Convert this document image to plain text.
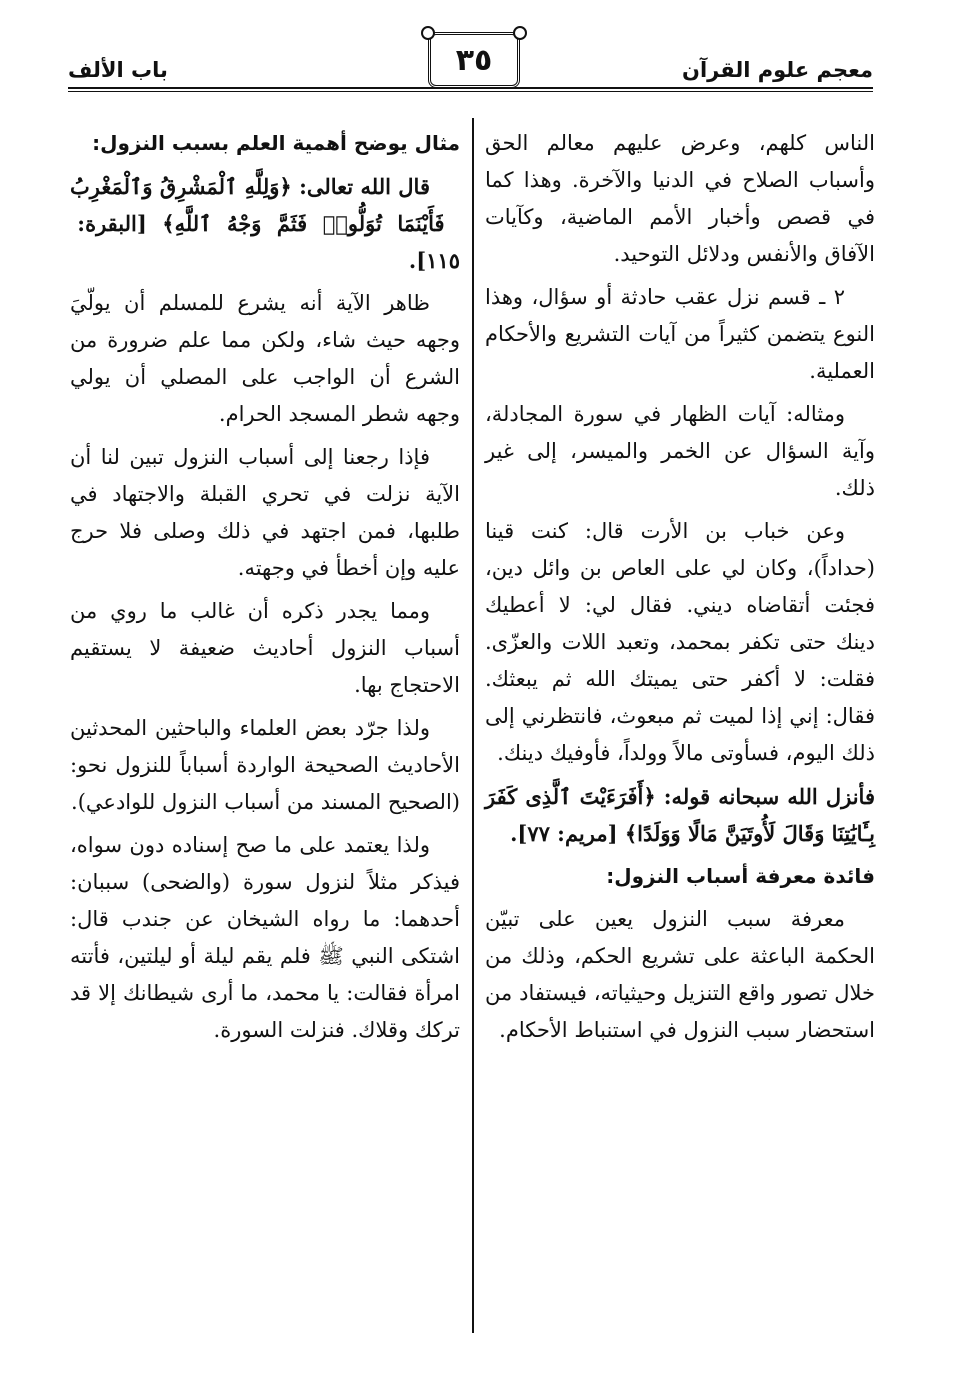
معجم علوم القرآن
٣٥
باب الألف

الناس كلهم، وعرض عليهم معالم الحق وأسباب الصلاح في الدنيا والآخرة. وهذا كما في قصص وأخبار الأمم الماضية، وكآيات الآفاق والأنفس ودلائل التوحيد.

٢ ـ قسم نزل عقب حادثة أو سؤال، وهذا النوع يتضمن كثيراً من آيات التشريع والأحكام العملية.

ومثاله: آيات الظهار في سورة المجادلة، وآية السؤال عن الخمر والميسر، إلى غير ذلك.

وعن خباب بن الأرت قال: كنت قينا (حداداً)، وكان لي على العاص بن وائل دين، فجئت أتقاضاه ديني. فقال لي: لا أعطيك دينك حتى تكفر بمحمد، وتعبد اللات والعزّى. فقلت: لا أكفر حتى يميتك الله ثم يبعثك. فقال: إني إذا لميت ثم مبعوث، فانتظرني إلى ذلك اليوم، فسأوتى مالاً وولداً، فأوفيك دينك.

فأنزل الله سبحانه قوله: ﴿أَفَرَءَيْتَ ٱلَّذِى كَفَرَ بِـَٔايَٰتِنَا وَقَالَ لَأُوتَيَنَّ مَالًا وَوَلَدًا﴾ [مريم: ٧٧].

فائدة معرفة أسباب النزول:

معرفة سبب النزول يعين على تبيّن الحكمة الباعثة على تشريع الحكم، وذلك من خلال تصور واقع التنزيل وحيثياته، فيستفاد من استحضار سبب النزول في استنباط الأحكام.

مثال يوضح أهمية العلم بسبب النزول:

قال الله تعالى: ﴿وَلِلَّهِ ٱلْمَشْرِقُ وَٱلْمَغْرِبُ ۚ فَأَيْنَمَا تُوَلُّوا۟ فَثَمَّ وَجْهُ ٱللَّهِ﴾ [البقرة: ١١٥].

ظاهر الآية أنه يشرع للمسلم أن يولّيَ وجهه حيث شاء، ولكن مما علم ضرورة من الشرع أن الواجب على المصلي أن يولي وجهه شطر المسجد الحرام.

فإذا رجعنا إلى أسباب النزول تبين لنا أن الآية نزلت في تحري القبلة والاجتهاد في طلبها، فمن اجتهد في ذلك وصلى فلا حرج عليه وإن أخطأ في وجهته.

ومما يجدر ذكره أن غالب ما روي من أسباب النزول أحاديث ضعيفة لا يستقيم الاحتجاج بها.

ولذا جرّد بعض العلماء والباحثين المحدثين الأحاديث الصحيحة الواردة أسباباً للنزول نحو: (الصحيح المسند من أسباب النزول للوادعي).

ولذا يعتمد على ما صح إسناده دون سواه، فيذكر مثلاً لنزول سورة (والضحى) سببان: أحدهما: ما رواه الشيخان عن جندب قال: اشتكى النبي ﷺ فلم يقم ليلة أو ليلتين، فأتته امرأة فقالت: يا محمد، ما أرى شيطانك إلا قد تركك وقلاك. فنزلت السورة.
